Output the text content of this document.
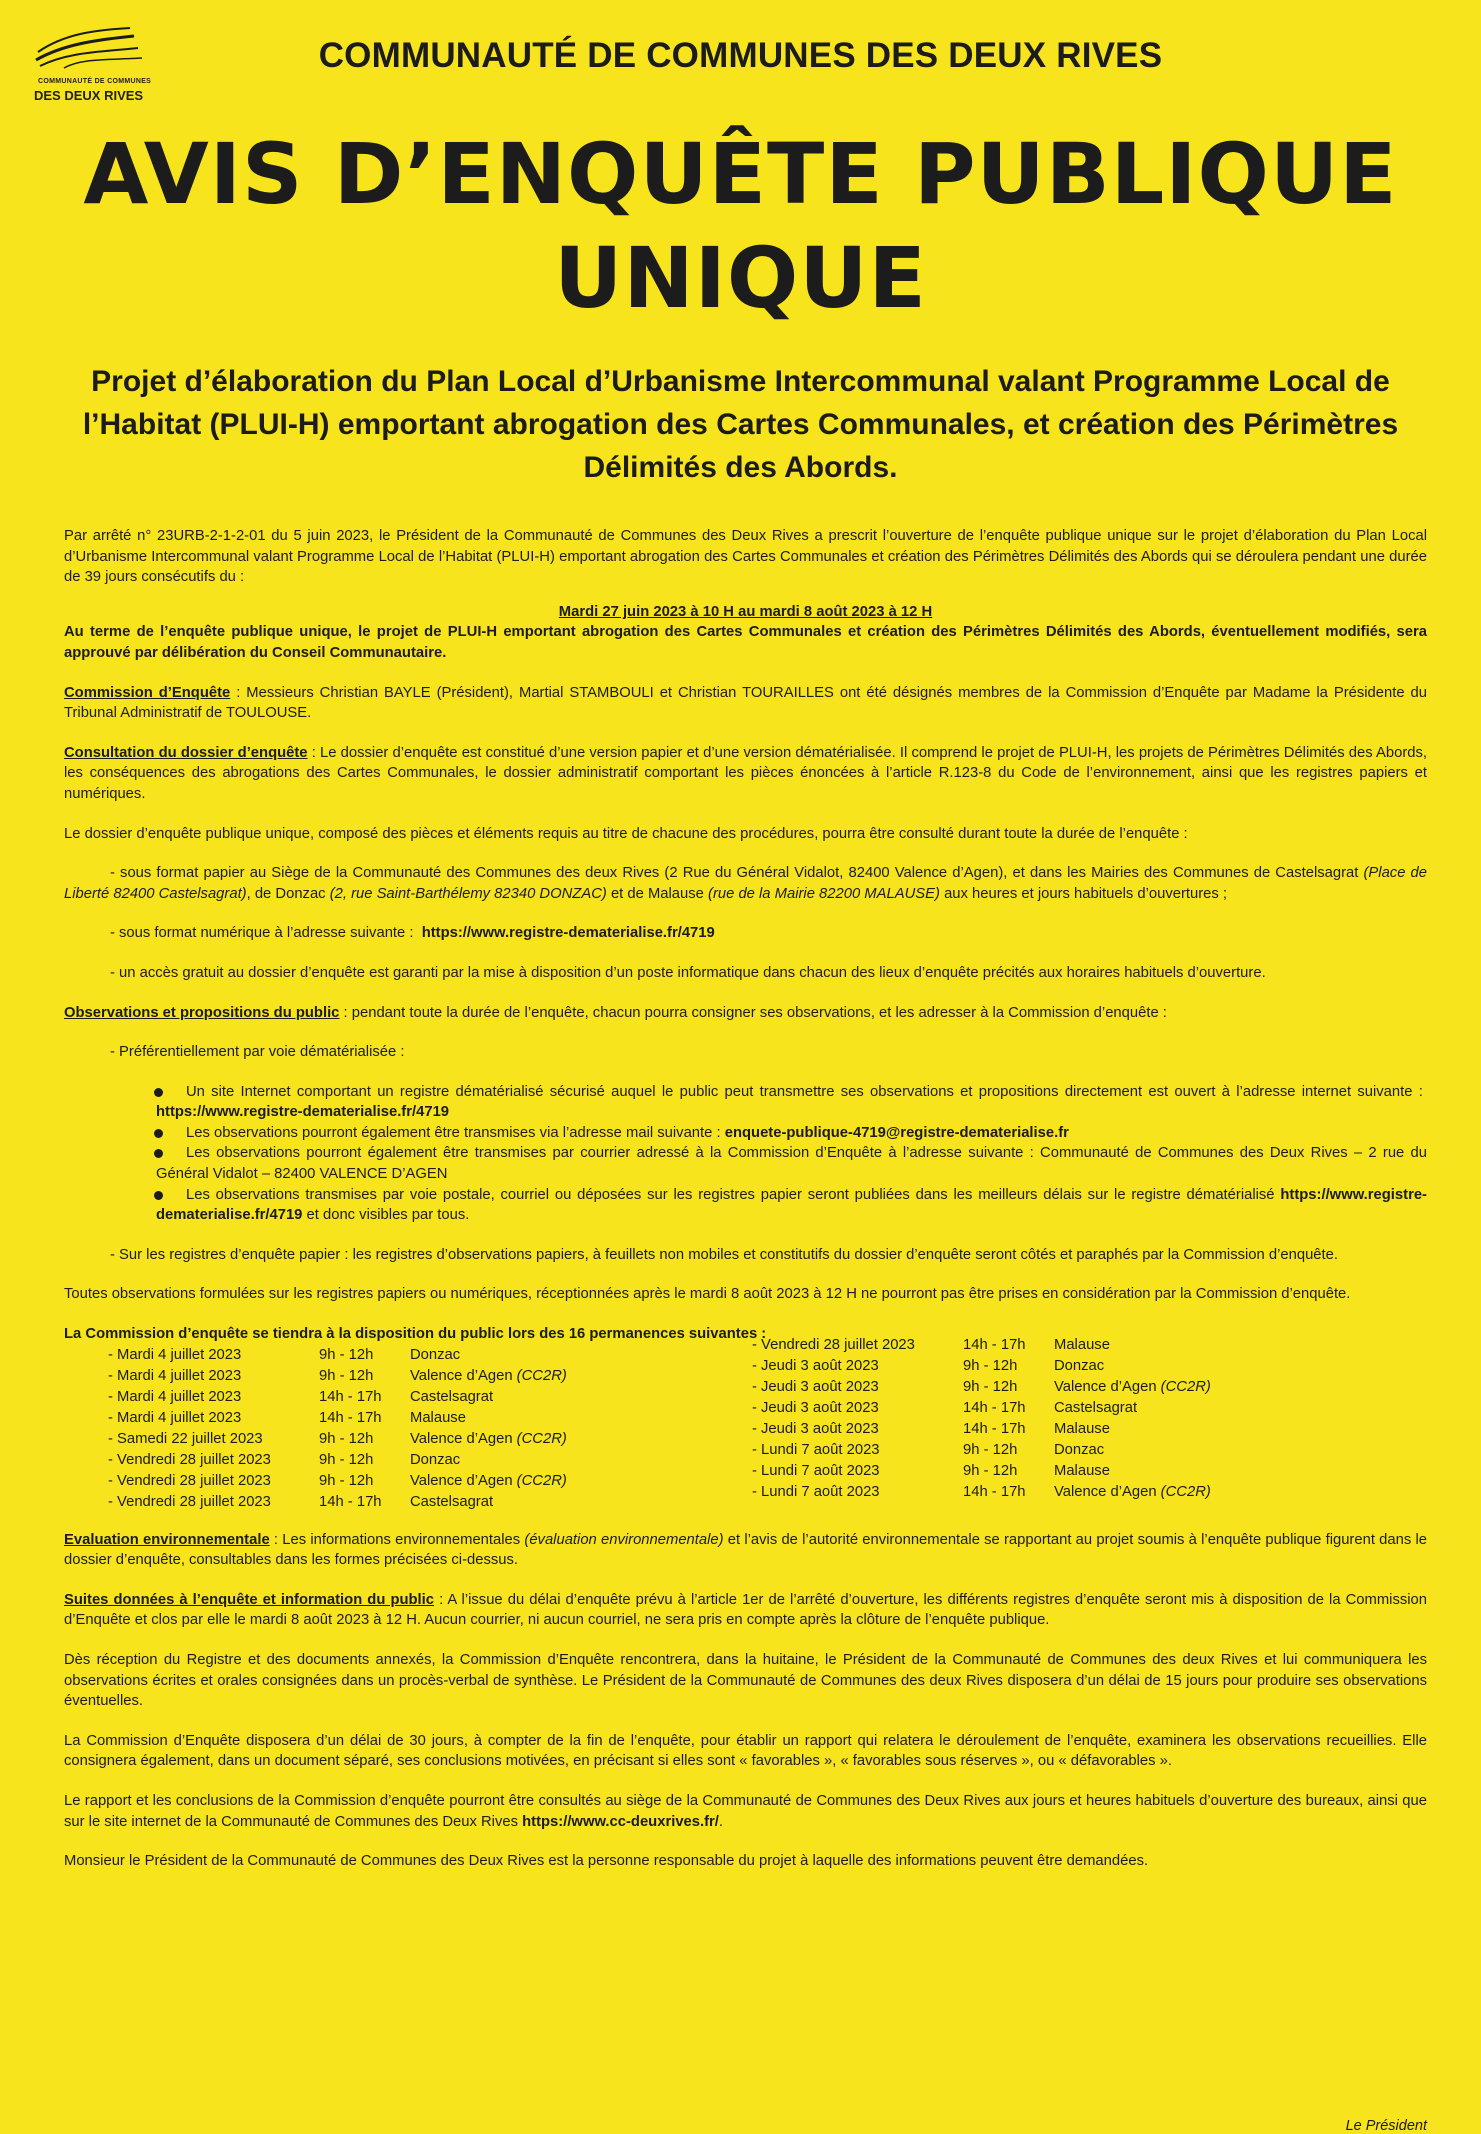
COMMUNAUTÉ DE COMMUNES
DES DEUX RIVES
COMMUNAUTÉ DE COMMUNES DES DEUX RIVES
AVIS D’ENQUÊTE PUBLIQUE
UNIQUE
Projet d’élaboration du Plan Local d’Urbanisme Intercommunal valant Programme Local de l’Habitat (PLUI-H) emportant abrogation des Cartes Communales, et création des Périmètres Délimités des Abords.

Par arrêté n° 23URB-2-1-2-01 du 5 juin 2023, le Président de la Communauté de Communes des Deux Rives a prescrit l’ouverture de l’enquête publique unique sur le projet d’élaboration du Plan Local d’Urbanisme Intercommunal valant Programme Local de l’Habitat (PLUI-H) emportant abrogation des Cartes Communales et création des Périmètres Délimités des Abords qui se déroulera pendant une durée de 39 jours consécutifs du :

Mardi 27 juin 2023 à 10 H au mardi 8 août 2023 à 12 H

Au terme de l’enquête publique unique, le projet de PLUI-H emportant abrogation des Cartes Communales et création des Périmètres Délimités des Abords, éventuellement modifiés, sera approuvé par délibération du Conseil Communautaire.

Commission d’Enquête : Messieurs Christian BAYLE (Président), Martial STAMBOULI et Christian TOURAILLES ont été désignés membres de la Commission d’Enquête par Madame la Présidente du Tribunal Administratif de TOULOUSE.

Consultation du dossier d’enquête : Le dossier d’enquête est constitué d’une version papier et d’une version dématérialisée. Il comprend le projet de PLUI-H, les projets de Périmètres Délimités des Abords, les conséquences des abrogations des Cartes Communales, le dossier administratif comportant les pièces énoncées à l’article R.123-8 du Code de l’environnement, ainsi que les registres papiers et numériques.

Le dossier d’enquête publique unique, composé des pièces et éléments requis au titre de chacune des procédures, pourra être consulté durant toute la durée de l’enquête :

- sous format papier au Siège de la Communauté des Communes des deux Rives (2 Rue du Général Vidalot, 82400 Valence d’Agen), et dans les Mairies des Communes de Castelsagrat (Place de Liberté 82400 Castelsagrat), de Donzac (2, rue Saint-Barthélemy 82340 DONZAC) et de Malause (rue de la Mairie 82200 MALAUSE) aux heures et jours habituels d’ouvertures ;

- sous format numérique à l’adresse suivante : https://www.registre-dematerialise.fr/4719

- un accès gratuit au dossier d’enquête est garanti par la mise à disposition d’un poste informatique dans chacun des lieux d’enquête précités aux horaires habituels d’ouverture.

Observations et propositions du public : pendant toute la durée de l’enquête, chacun pourra consigner ses observations, et les adresser à la Commission d’enquête :

- Préférentiellement par voie dématérialisée :

Un site Internet comportant un registre dématérialisé sécurisé auquel le public peut transmettre ses observations et propositions directement est ouvert à l’adresse internet suivante :  https://www.registre-dematerialise.fr/4719
Les observations pourront également être transmises via l’adresse mail suivante : enquete-publique-4719@registre-dematerialise.fr
Les observations pourront également être transmises par courrier adressé à la Commission d’Enquête à l’adresse suivante : Communauté de Communes des Deux Rives – 2 rue du Général Vidalot – 82400 VALENCE D’AGEN
Les observations transmises par voie postale, courriel ou déposées sur les registres papier seront publiées dans les meilleurs délais sur le registre dématérialisé https://www.registre-dematerialise.fr/4719 et donc visibles par tous.

- Sur les registres d’enquête papier : les registres d’observations papiers, à feuillets non mobiles et constitutifs du dossier d’enquête seront côtés et paraphés par la Commission d’enquête.

Toutes observations formulées sur les registres papiers ou numériques, réceptionnées après le mardi 8 août 2023 à 12 H ne pourront pas être prises en considération par la Commission d’enquête.

La Commission d’enquête se tiendra à la disposition du public lors des 16 permanences suivantes :

- Mardi 4 juillet 2023	9h - 12h	Donzac
- Mardi 4 juillet 2023	9h - 12h	Valence d’Agen (CC2R)
- Mardi 4 juillet 2023	14h - 17h	Castelsagrat
- Mardi 4 juillet 2023	14h - 17h	Malause
- Samedi 22 juillet 2023	9h - 12h	Valence d’Agen (CC2R)
- Vendredi 28 juillet 2023	9h - 12h	Donzac
- Vendredi 28 juillet 2023	9h - 12h	Valence d’Agen (CC2R)
- Vendredi 28 juillet 2023	14h - 17h	Castelsagrat
- Vendredi 28 juillet 2023	14h - 17h	Malause
- Jeudi 3 août 2023	9h - 12h	Donzac
- Jeudi 3 août 2023	9h - 12h	Valence d’Agen (CC2R)
- Jeudi 3 août 2023	14h - 17h	Castelsagrat
- Jeudi 3 août 2023	14h - 17h	Malause
- Lundi 7 août 2023	9h - 12h	Donzac
- Lundi 7 août 2023	9h - 12h	Malause
- Lundi 7 août 2023	14h - 17h	Valence d’Agen (CC2R)

Evaluation environnementale : Les informations environnementales (évaluation environnementale) et l’avis de l’autorité environnementale se rapportant au projet soumis à l’enquête publique figurent dans le dossier d’enquête, consultables dans les formes précisées ci-dessus.

Suites données à l’enquête et information du public : A l’issue du délai d’enquête prévu à l’article 1er de l’arrêté d’ouverture, les différents registres d’enquête seront mis à disposition de la Commission d’Enquête et clos par elle le mardi 8 août 2023 à 12 H. Aucun courrier, ni aucun courriel, ne sera pris en compte après la clôture de l’enquête publique.

Dès réception du Registre et des documents annexés, la Commission d’Enquête rencontrera, dans la huitaine, le Président de la Communauté de Communes des deux Rives et lui communiquera les observations écrites et orales consignées dans un procès-verbal de synthèse. Le Président de la Communauté de Communes des deux Rives disposera d’un délai de 15 jours pour produire ses observations éventuelles.

La Commission d’Enquête disposera d’un délai de 30 jours, à compter de la fin de l’enquête, pour établir un rapport qui relatera le déroulement de l’enquête, examinera les observations recueillies. Elle consignera également, dans un document séparé, ses conclusions motivées, en précisant si elles sont « favorables », « favorables sous réserves », ou « défavorables ».

Le rapport et les conclusions de la Commission d’enquête pourront être consultés au siège de la Communauté de Communes des Deux Rives aux jours et heures habituels d’ouverture des bureaux, ainsi que sur le site internet de la Communauté de Communes des Deux Rives https://www.cc-deuxrives.fr/.

Monsieur le Président de la Communauté de Communes des Deux Rives est la personne responsable du projet à laquelle des informations peuvent être demandées.

Le Président
